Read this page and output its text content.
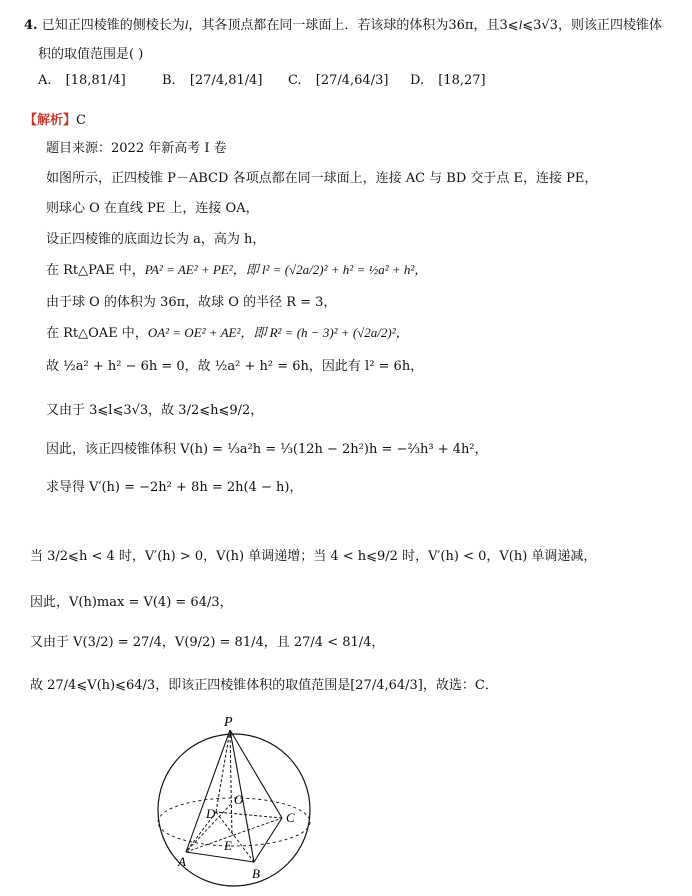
4. 已知正四棱锥的侧棱长为l，其各顶点都在同一球面上．若该球的体积为36π，且3⩽l⩽3√3，则该正四棱锥体
积的取值范围是( )
A. [18,81/4]	B. [27/4,81/4] C. [27/4,64/3] D. [18,27]
【解析】C
题目来源：2022 年新高考 I 卷
如图所示，正四棱锥 P－ABCD 各项点都在同一球面上，连接 AC 与 BD 交于点 E，连接 PE，
则球心 O 在直线 PE 上，连接 OA，
设正四棱锥的底面边长为 a，高为 h，
在 Rt△PAE 中，PA² = AE² + PE²，即 l² = (√2a/2)² + h² = ½a² + h²，
由于球 O 的体积为 36π，故球 O 的半径 R = 3，
在 Rt△OAE 中，OA² = OE² + AE²，即 R² = (h − 3)² + (√2a/2)²，
故 ½a² + h² − 6h = 0，故 ½a² + h² = 6h，因此有 l² = 6h，
又由于 3⩽l⩽3√3，故 3/2⩽h⩽9/2，
因此，该正四棱锥体积 V(h) = ⅓a²h = ⅓(12h − 2h²)h = −⅔h³ + 4h²，
求导得 V′(h) = −2h² + 8h = 2h(4 − h)，
当 3/2⩽h < 4 时，V′(h) > 0，V(h) 单调递增；当 4 < h⩽9/2 时，V′(h) < 0，V(h) 单调递减，
因此，V(h)max = V(4) = 64/3，
又由于 V(3/2) = 27/4，V(9/2) = 81/4，且 27/4 < 81/4，
故 27/4⩽V(h)⩽64/3，即该正四棱锥体积的取值范围是[27/4,64/3]，故选：C．
P
O
D	C
E
A
B
